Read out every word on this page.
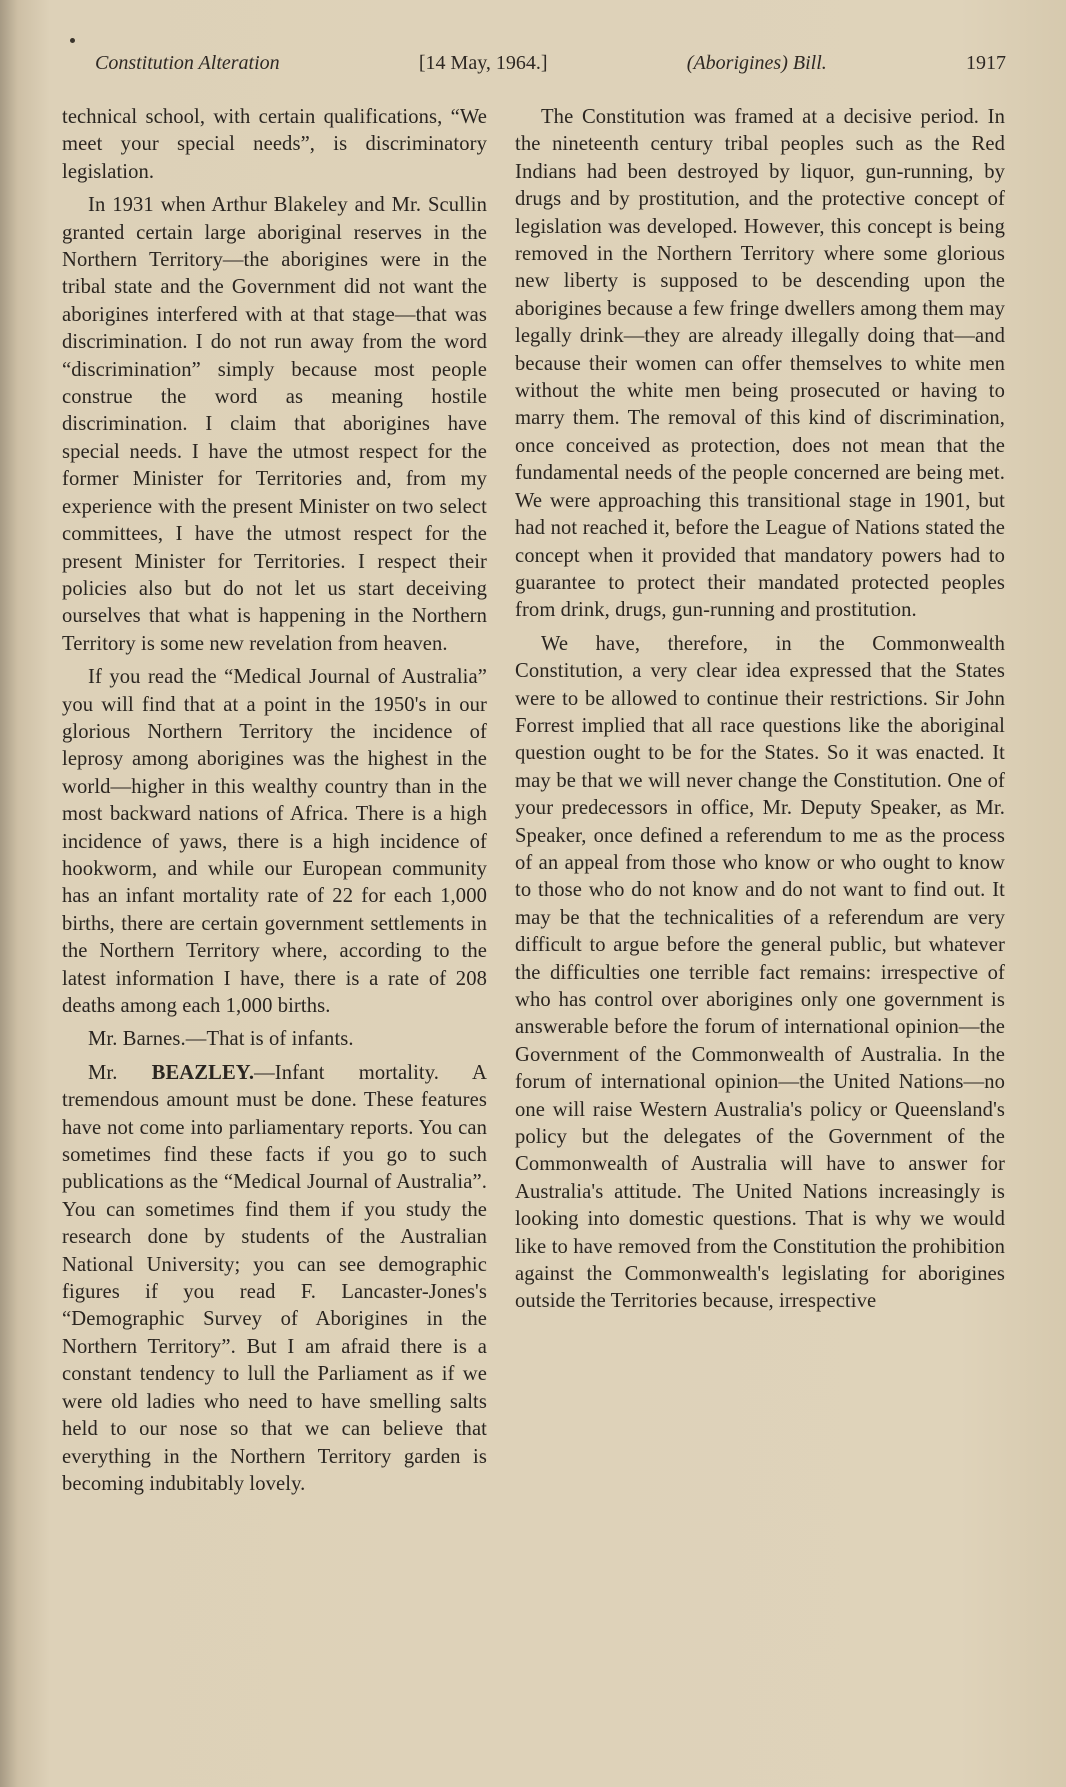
Constitution Alteration	[14 May, 1964.]	(Aborigines) Bill.	1917

technical school, with certain qualifications, “We meet your special needs”, is discriminatory legislation.

In 1931 when Arthur Blakeley and Mr. Scullin granted certain large aboriginal reserves in the Northern Territory—the aborigines were in the tribal state and the Government did not want the aborigines interfered with at that stage—that was discrimination. I do not run away from the word “discrimination” simply because most people construe the word as meaning hostile discrimination. I claim that aborigines have special needs. I have the utmost respect for the former Minister for Territories and, from my experience with the present Minister on two select committees, I have the utmost respect for the present Minister for Territories. I respect their policies also but do not let us start deceiving ourselves that what is happening in the Northern Territory is some new revelation from heaven.

If you read the “Medical Journal of Australia” you will find that at a point in the 1950's in our glorious Northern Territory the incidence of leprosy among aborigines was the highest in the world—higher in this wealthy country than in the most backward nations of Africa. There is a high incidence of yaws, there is a high incidence of hookworm, and while our European community has an infant mortality rate of 22 for each 1,000 births, there are certain government settlements in the Northern Territory where, according to the latest information I have, there is a rate of 208 deaths among each 1,000 births.

Mr. Barnes.—That is of infants.

Mr. BEAZLEY.—Infant mortality. A tremendous amount must be done. These features have not come into parliamentary reports. You can sometimes find these facts if you go to such publications as the “Medical Journal of Australia”. You can sometimes find them if you study the research done by students of the Australian National University; you can see demographic figures if you read F. Lancaster-Jones's “Demographic Survey of Aborigines in the Northern Territory”. But I am afraid there is a constant tendency to lull the Parliament as if we were old ladies who need to have smelling salts held to our nose so that we can believe that everything in the Northern Territory garden is becoming indubitably lovely.

The Constitution was framed at a decisive period. In the nineteenth century tribal peoples such as the Red Indians had been destroyed by liquor, gun-running, by drugs and by prostitution, and the protective concept of legislation was developed. However, this concept is being removed in the Northern Territory where some glorious new liberty is supposed to be descending upon the aborigines because a few fringe dwellers among them may legally drink—they are already illegally doing that—and because their women can offer themselves to white men without the white men being prosecuted or having to marry them. The removal of this kind of discrimination, once conceived as protection, does not mean that the fundamental needs of the people concerned are being met. We were approaching this transitional stage in 1901, but had not reached it, before the League of Nations stated the concept when it provided that mandatory powers had to guarantee to protect their mandated protected peoples from drink, drugs, gun-running and prostitution.

We have, therefore, in the Commonwealth Constitution, a very clear idea expressed that the States were to be allowed to continue their restrictions. Sir John Forrest implied that all race questions like the aboriginal question ought to be for the States. So it was enacted. It may be that we will never change the Constitution. One of your predecessors in office, Mr. Deputy Speaker, as Mr. Speaker, once defined a referendum to me as the process of an appeal from those who know or who ought to know to those who do not know and do not want to find out. It may be that the technicalities of a referendum are very difficult to argue before the general public, but whatever the difficulties one terrible fact remains: irrespective of who has control over aborigines only one government is answerable before the forum of international opinion—the Government of the Commonwealth of Australia. In the forum of international opinion—the United Nations—no one will raise Western Australia's policy or Queensland's policy but the delegates of the Government of the Commonwealth of Australia will have to answer for Australia's attitude. The United Nations increasingly is looking into domestic questions. That is why we would like to have removed from the Constitution the prohibition against the Commonwealth's legislating for aborigines outside the Territories because, irrespective
